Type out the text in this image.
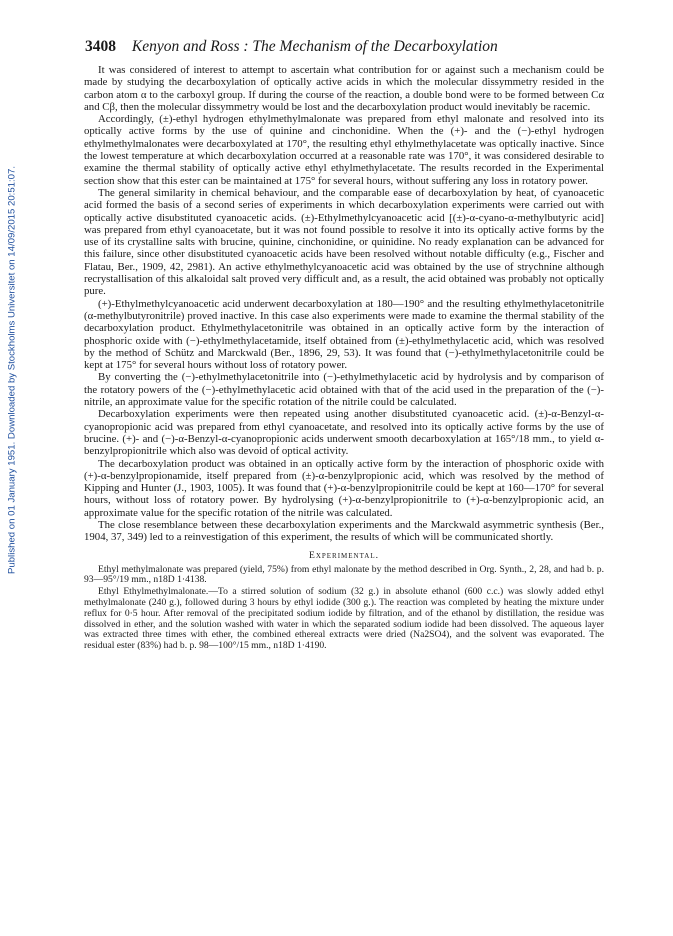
3408 Kenyon and Ross : The Mechanism of the Decarboxylation
Published on 01 January 1951. Downloaded by Stockholms Universitet on 14/09/2015 20:51:07.

It was considered of interest to attempt to ascertain what contribution for or against such a mechanism could be made by studying the decarboxylation of optically active acids in which the molecular dissymmetry resided in the carbon atom α to the carboxyl group. If during the course of the reaction, a double bond were to be formed between Cα and Cβ, then the molecular dissymmetry would be lost and the decarboxylation product would inevitably be racemic.

Accordingly, (±)-ethyl hydrogen ethylmethylmalonate was prepared from ethyl malonate and resolved into its optically active forms by the use of quinine and cinchonidine. When the (+)- and the (−)-ethyl hydrogen ethylmethylmalonates were decarboxylated at 170°, the resulting ethyl ethylmethylacetate was optically inactive. Since the lowest temperature at which decarboxylation occurred at a reasonable rate was 170°, it was considered desirable to examine the thermal stability of optically active ethyl ethylmethylacetate. The results recorded in the Experimental section show that this ester can be maintained at 175° for several hours, without suffering any loss in rotatory power.

The general similarity in chemical behaviour, and the comparable ease of decarboxylation by heat, of cyanoacetic acid formed the basis of a second series of experiments in which decarboxylation experiments were carried out with optically active disubstituted cyanoacetic acids. (±)-Ethylmethylcyanoacetic acid [(±)-α-cyano-α-methylbutyric acid] was prepared from ethyl cyanoacetate, but it was not found possible to resolve it into its optically active forms by the use of its crystalline salts with brucine, quinine, cinchonidine, or quinidine. No ready explanation can be advanced for this failure, since other disubstituted cyanoacetic acids have been resolved without notable difficulty (e.g., Fischer and Flatau, Ber., 1909, 42, 2981). An active ethylmethylcyanoacetic acid was obtained by the use of strychnine although recrystallisation of this alkaloidal salt proved very difficult and, as a result, the acid obtained was probably not optically pure.

(+)-Ethylmethylcyanoacetic acid underwent decarboxylation at 180—190° and the resulting ethylmethylacetonitrile (α-methylbutyronitrile) proved inactive. In this case also experiments were made to examine the thermal stability of the decarboxylation product. Ethylmethylacetonitrile was obtained in an optically active form by the interaction of phosphoric oxide with (−)-ethylmethylacetamide, itself obtained from (±)-ethylmethylacetic acid, which was resolved by the method of Schütz and Marckwald (Ber., 1896, 29, 53). It was found that (−)-ethylmethylacetonitrile could be kept at 175° for several hours without loss of rotatory power.

By converting the (−)-ethylmethylacetonitrile into (−)-ethylmethylacetic acid by hydrolysis and by comparison of the rotatory powers of the (−)-ethylmethylacetic acid obtained with that of the acid used in the preparation of the (−)-nitrile, an approximate value for the specific rotation of the nitrile could be calculated.

Decarboxylation experiments were then repeated using another disubstituted cyanoacetic acid. (±)-α-Benzyl-α-cyanopropionic acid was prepared from ethyl cyanoacetate, and resolved into its optically active forms by the use of brucine. (+)- and (−)-α-Benzyl-α-cyanopropionic acids underwent smooth decarboxylation at 165°/18 mm., to yield α-benzylpropionitrile which also was devoid of optical activity.

The decarboxylation product was obtained in an optically active form by the interaction of phosphoric oxide with (+)-α-benzylpropionamide, itself prepared from (±)-α-benzylpropionic acid, which was resolved by the method of Kipping and Hunter (J., 1903, 1005). It was found that (+)-α-benzylpropionitrile could be kept at 160—170° for several hours, without loss of rotatory power. By hydrolysing (+)-α-benzylpropionitrile to (+)-α-benzylpropionic acid, an approximate value for the specific rotation of the nitrile was calculated.

The close resemblance between these decarboxylation experiments and the Marckwald asymmetric synthesis (Ber., 1904, 37, 349) led to a reinvestigation of this experiment, the results of which will be communicated shortly.

Experimental.

Ethyl methylmalonate was prepared (yield, 75%) from ethyl malonate by the method described in Org. Synth., 2, 28, and had b. p. 93—95°/19 mm., n18D 1·4138.

Ethyl Ethylmethylmalonate.—To a stirred solution of sodium (32 g.) in absolute ethanol (600 c.c.) was slowly added ethyl methylmalonate (240 g.), followed during 3 hours by ethyl iodide (300 g.). The reaction was completed by heating the mixture under reflux for 0·5 hour. After removal of the precipitated sodium iodide by filtration, and of the ethanol by distillation, the residue was dissolved in ether, and the solution washed with water in which the separated sodium iodide had been dissolved. The aqueous layer was extracted three times with ether, the combined ethereal extracts were dried (Na2SO4), and the solvent was evaporated. The residual ester (83%) had b. p. 98—100°/15 mm., n18D 1·4190.
